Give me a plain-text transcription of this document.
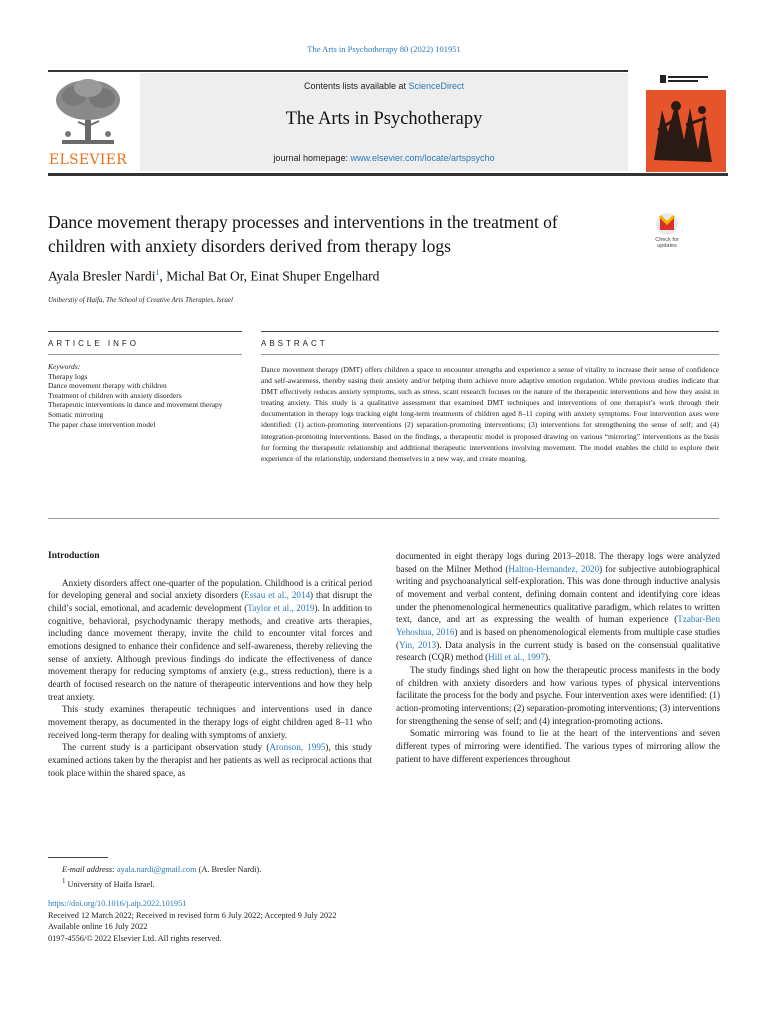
The Arts in Psychotherapy 80 (2022) 101951
ELSEVIER
Contents lists available at ScienceDirect
The Arts in Psychotherapy
journal homepage: www.elsevier.com/locate/artspsycho
Dance movement therapy processes and interventions in the treatment of children with anxiety disorders derived from therapy logs	Check for
updates
Ayala Bresler Nardi$^1$, Michal Bat Or, Einat Shuper Engelhard
Uniberstiy of Haifa, The School of Creative Arts Therapies, Israel
ARTICLE INFO	ABSTRACT
Keywords:
Therapy logs
Dance movement therapy with children
Treatment of children with anxiety disorders
Therapeutic interventions in dance and movement therapy
Somatic mirroring
The paper chase intervention model
Dance movement therapy (DMT) offers children a space to encounter strengths and experience a sense of vitality to increase their sense of confidence and self-awareness, thereby easing their anxiety and/or helping them achieve more adaptive emotion regulation. While previous studies indicate that DMT effectively reduces anxiety symptoms, such as stress, scant research focuses on the nature of the therapeutic interventions and how they assist in treating anxiety. This study is a qualitative assessment that examined DMT techniques and interventions of one therapist’s work through their documentation in therapy logs tracking eight long-term treatments of children aged 8–11 coping with anxiety symptoms. Four intervention axes were identified: (1) action-promoting interventions (2) separation-promoting interventions; (3) interventions for strengthening the sense of self; and (4) integration-promoting interventions. Based on the findings, a therapeutic model is proposed drawing on various “mirroring” interventions as the basis for forming the therapeutic relationship and additional therapeutic interventions involving movement. The model enables the child to explore their experience of the relationship, understand themselves in a new way, and create meaning.

Introduction

Anxiety disorders affect one-quarter of the population. Childhood is a critical period for developing general and social anxiety disorders (Essau et al., 2014) that disrupt the child’s social, emotional, and academic development (Taylor et al., 2019). In addition to cognitive, behavioral, psychodynamic therapy methods, and creative arts therapies, including dance movement therapy, invite the child to encounter vital forces and emotions designed to enhance their confidence and self-awareness, thereby relieving the sense of anxiety. Although previous findings do indicate the effectiveness of dance movement therapy for reducing symptoms of anxiety (e.g., stress reduction), there is a dearth of focused research on the nature of therapeutic interventions and how they help treat anxiety.

This study examines therapeutic techniques and interventions used in dance movement therapy, as documented in the therapy logs of eight children aged 8–11 who received long-term therapy for dealing with symptoms of anxiety.

The current study is a participant observation study (Aronson, 1995), this study examined actions taken by the therapist and her patients as well as reciprocal actions that took place within the shared space, as

documented in eight therapy logs during 2013–2018. The therapy logs were analyzed based on the Milner Method (Halton-Hernandez, 2020) for subjective autobiographical writing and psychoanalytical self-exploration. This was done through inductive analysis of movement and verbal content, defining domain content and identifying core ideas under the phenomenological hermeneutics qualitative paradigm, which relates to written text, dance, and art as expressing the wealth of human experience (Tzabar-Ben Yehoshua, 2016) and is based on phenomenological elements from multiple case studies (Yin, 2013). Data analysis in the current study is based on the consensual qualitative research (CQR) method (Hill et al., 1997).

The study findings shed light on how the therapeutic process manifests in the body of children with anxiety disorders and how various types of physical interventions facilitate the process for the body and psyche. Four intervention axes were identified: (1) action-promoting interventions; (2) separation-promoting interventions; (3) interventions for strengthening the sense of self; and (4) integration-promoting actions.

Somatic mirroring was found to lie at the heart of the interventions and seven different types of mirroring were identified. The various types of mirroring allow the patient to have different experiences throughout

E-mail address: ayala.nardi@gmail.com (A. Bresler Nardi).
$^1$ University of Haifa Israel.
https://doi.org/10.1016/j.aip.2022.101951
Received 12 March 2022; Received in revised form 6 July 2022; Accepted 9 July 2022
Available online 16 July 2022
0197-4556/© 2022 Elsevier Ltd. All rights reserved.
